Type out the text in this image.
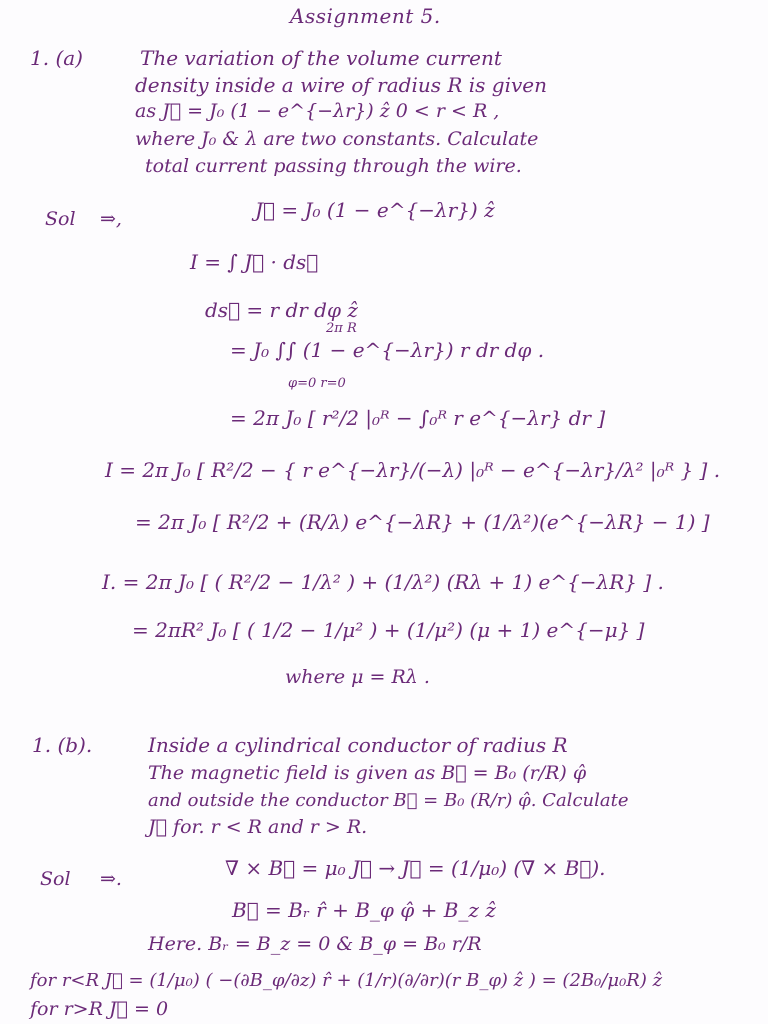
Assignment 5.
1. (a)	The variation of the volume current
density inside a wire of radius R is given
as J⃗ = J₀ (1 − e^{−λr}) ẑ 0 < r < R ,
where J₀ & λ are two constants. Calculate
total current passing through the wire.
Sol ⇒,	J⃗ = J₀ (1 − e^{−λr}) ẑ
I = ∫ J⃗ · ds⃗
ds⃗ = r dr dφ ẑ
2π R
= J₀ ∫∫ (1 − e^{−λr}) r dr dφ .
φ=0 r=0
= 2π J₀ [ r²/2 |₀ᴿ − ∫₀ᴿ r e^{−λr} dr ]
I = 2π J₀ [ R²/2 − { r e^{−λr}/(−λ) |₀ᴿ − e^{−λr}/λ² |₀ᴿ } ] .
= 2π J₀ [ R²/2 + (R/λ) e^{−λR} + (1/λ²)(e^{−λR} − 1) ]
I. = 2π J₀ [ ( R²/2 − 1/λ² ) + (1/λ²) (Rλ + 1) e^{−λR} ] .
= 2πR² J₀ [ ( 1/2 − 1/μ² ) + (1/μ²) (μ + 1) e^{−μ} ]
where μ = Rλ .
1. (b).	Inside a cylindrical conductor of radius R
The magnetic field is given as B⃗ = B₀ (r/R) φ̂
and outside the conductor B⃗ = B₀ (R/r) φ̂. Calculate
J⃗ for. r < R and r > R.
Sol ⇒.	∇ × B⃗ = μ₀ J⃗ → J⃗ = (1/μ₀) (∇ × B⃗).
B⃗ = Bᵣ r̂ + B_φ φ̂ + B_z ẑ
Here. Bᵣ = B_z = 0 & B_φ = B₀ r/R
for r<R J⃗ = (1/μ₀) ( −(∂B_φ/∂z) r̂ + (1/r)(∂/∂r)(r B_φ) ẑ ) = (2B₀/μ₀R) ẑ
for r>R J⃗ = 0
